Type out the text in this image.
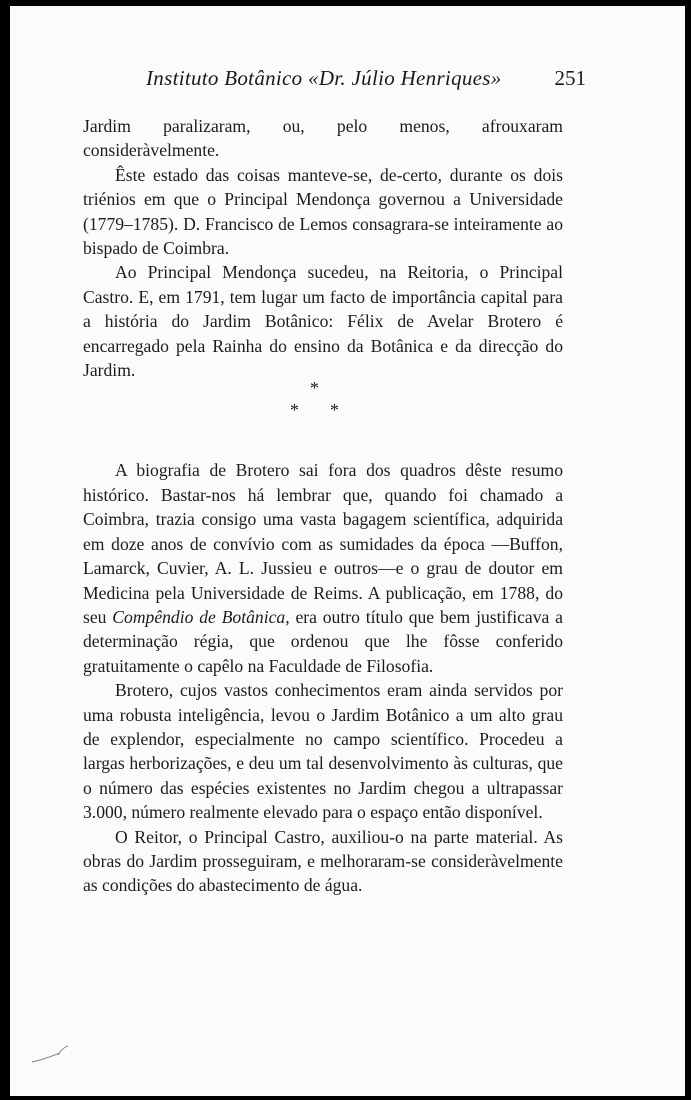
Instituto Botânico «Dr. Júlio Henriques»	251

Jardim paralizaram, ou, pelo menos, afrouxaram consideràvelmente.

Êste estado das coisas manteve-se, de-certo, durante os dois triénios em que o Principal Mendonça governou a Universidade (1779–1785). D. Francisco de Lemos consagrara-se inteiramente ao bispado de Coimbra.

Ao Principal Mendonça sucedeu, na Reitoria, o Principal Castro. E, em 1791, tem lugar um facto de importância capital para a história do Jardim Botânico: Félix de Avelar Brotero é encarregado pela Rainha do ensino da Botânica e da direcção do Jardim.

A biografia de Brotero sai fora dos quadros dêste resumo histórico. Bastar-nos há lembrar que, quando foi chamado a Coimbra, trazia consigo uma vasta bagagem scientífica, adquirida em doze anos de convívio com as sumidades da época —Buffon, Lamarck, Cuvier, A. L. Jussieu e outros—e o grau de doutor em Medicina pela Universidade de Reims. A publicação, em 1788, do seu Compêndio de Botânica, era outro título que bem justificava a determinação régia, que ordenou que lhe fôsse conferido gratuitamente o capêlo na Faculdade de Filosofia.

Brotero, cujos vastos conhecimentos eram ainda servidos por uma robusta inteligência, levou o Jardim Botânico a um alto grau de explendor, especialmente no campo scientífico. Procedeu a largas herborizações, e deu um tal desenvolvimento às culturas, que o número das espécies existentes no Jardim chegou a ultrapassar 3.000, número realmente elevado para o espaço então disponível.

O Reitor, o Principal Castro, auxiliou-o na parte material. As obras do Jardim prosseguiram, e melhoraram-se consideràvelmente as condições do abastecimento de água.

*
* *
